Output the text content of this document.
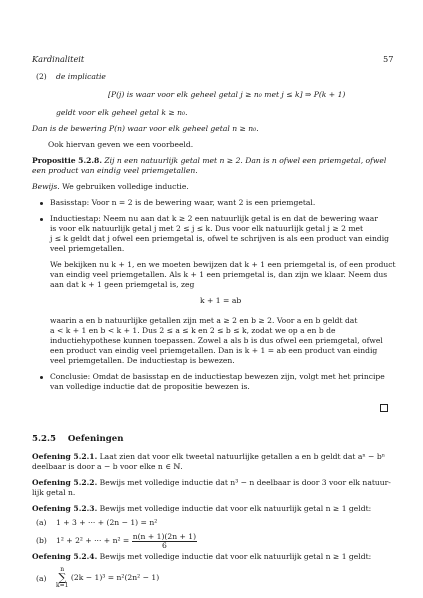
Kardinaliteit	57
(2) de implicatie
[P(j) is waar voor elk geheel getal j ≥ n₀ met j ≤ k] ⇒ P(k + 1)
geldt voor elk geheel getal k ≥ n₀.
Dan is de bewering P(n) waar voor elk geheel getal n ≥ n₀.
Ook hiervan geven we een voorbeeld.
Propositie 5.2.8. Zij n een natuurlijk getal met n ≥ 2. Dan is n ofwel een priemgetal, ofwel
een product van eindig veel priemgetallen.
Bewijs. We gebruiken volledige inductie.
Basisstap: Voor n = 2 is de bewering waar, want 2 is een priemgetal.
Inductiestap: Neem nu aan dat k ≥ 2 een natuurlijk getal is en dat de bewering waar
is voor elk natuurlijk getal j met 2 ≤ j ≤ k. Dus voor elk natuurlijk getal j ≥ 2 met
j ≤ k geldt dat j ofwel een priemgetal is, ofwel te schrijven is als een product van eindig
veel priemgetallen.
We bekijken nu k + 1, en we moeten bewijzen dat k + 1 een priemgetal is, of een product
van eindig veel priemgetallen. Als k + 1 een priemgetal is, dan zijn we klaar. Neem dus
aan dat k + 1 geen priemgetal is, zeg
k + 1 = ab
waarin a en b natuurlijke getallen zijn met a ≥ 2 en b ≥ 2. Voor a en b geldt dat
a < k + 1 en b < k + 1. Dus 2 ≤ a ≤ k en 2 ≤ b ≤ k, zodat we op a en b de
inductiehypothese kunnen toepassen. Zowel a als b is dus ofwel een priemgetal, ofwel
een product van eindig veel priemgetallen. Dan is k + 1 = ab een product van eindig
veel priemgetallen. De inductiestap is bewezen.
Conclusie: Omdat de basisstap en de inductiestap bewezen zijn, volgt met het principe
van volledige inductie dat de propositie bewezen is.
5.2.5 Oefeningen
Oefening 5.2.1. Laat zien dat voor elk tweetal natuurlijke getallen a en b geldt dat aⁿ − bⁿ
deelbaar is door a − b voor elke n ∈ ℕ.
Oefening 5.2.2. Bewijs met volledige inductie dat n³ − n deelbaar is door 3 voor elk natuur-
lijk getal n.
Oefening 5.2.3. Bewijs met volledige inductie dat voor elk natuurlijk getal n ≥ 1 geldt:
(a) 1 + 3 + ··· + (2n − 1) = n²
(b) 1² + 2² + ··· + $n^2 = \frac{n(n + 1)(2n + 1)}{6}$
Oefening 5.2.4. Bewijs met volledige inductie dat voor elk natuurlijk getal n ≥ 1 geldt:
(a)
n
∑
k=1 (2k − 1)³ = n²(2n² − 1)
